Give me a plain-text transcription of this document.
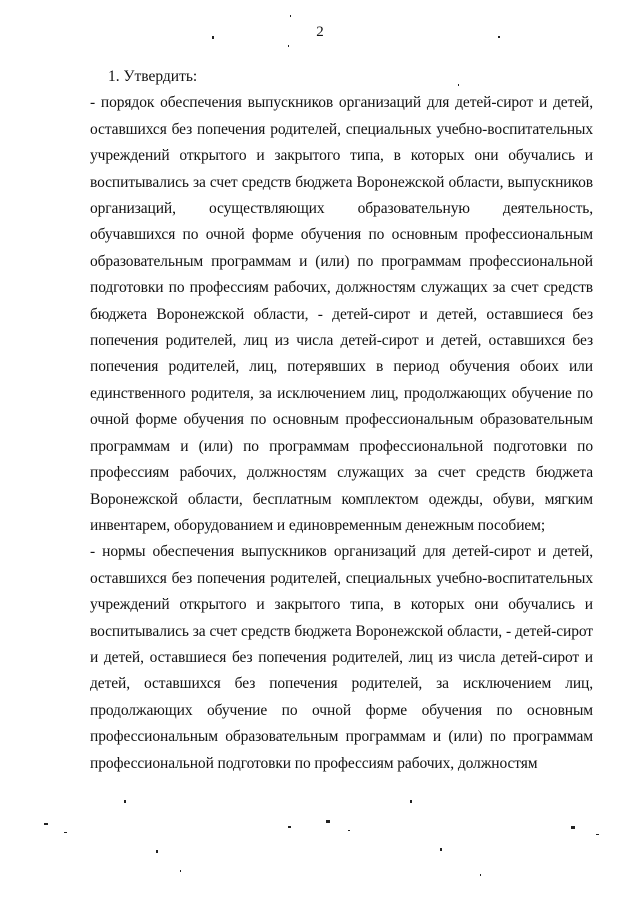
2
1. Утвердить:
- порядок обеспечения выпускников организаций для детей-сирот и детей, оставшихся без попечения родителей, специальных учебно-воспитательных учреждений открытого и закрытого типа, в которых они обучались и воспитывались за счет средств бюджета Воронежской области, выпускников организаций, осуществляющих образовательную деятельность, обучавшихся по очной форме обучения по основным профессиональным образовательным программам и (или) по программам профессиональной подготовки по профессиям рабочих, должностям служащих за счет средств бюджета Воронежской области, - детей-сирот и детей, оставшиеся без попечения родителей, лиц из числа детей-сирот и детей, оставшихся без попечения родителей, лиц, потерявших в период обучения обоих или единственного родителя, за исключением лиц, продолжающих обучение по очной форме обучения по основным профессиональным образовательным программам и (или) по программам профессиональной подготовки по профессиям рабочих, должностям служащих за счет средств бюджета Воронежской области, бесплатным комплектом одежды, обуви, мягким инвентарем, оборудованием и единовременным денежным пособием;
- нормы обеспечения выпускников организаций для детей-сирот и детей, оставшихся без попечения родителей, специальных учебно-воспитательных учреждений открытого и закрытого типа, в которых они обучались и воспитывались за счет средств бюджета Воронежской области, - детей-сирот и детей, оставшиеся без попечения родителей, лиц из числа детей-сирот и детей, оставшихся без попечения родителей, за исключением лиц, продолжающих обучение по очной форме обучения по основным профессиональным образовательным программам и (или) по программам профессиональной подготовки по профессиям рабочих, должностям
